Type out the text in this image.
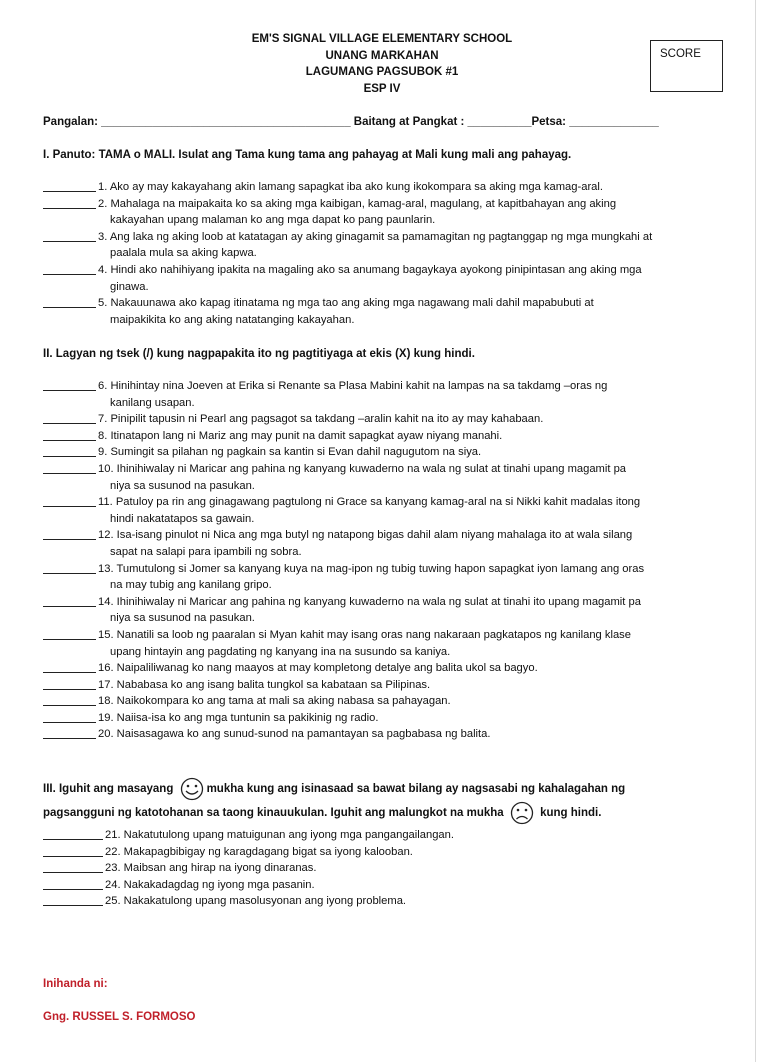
EM'S SIGNAL VILLAGE ELEMENTARY SCHOOL
UNANG MARKAHAN
LAGUMANG PAGSUBOK #1
ESP IV
SCORE
Pangalan: _______________________________________ Baitang at Pangkat : __________Petsa: ______________
I. Panuto: TAMA o MALI. Isulat ang Tama kung tama ang pahayag at Mali kung mali ang pahayag.
1. Ako ay may kakayahang akin lamang sapagkat iba ako kung ikokompara sa aking mga kamag-aral.
2. Mahalaga na maipakaita ko sa aking mga kaibigan, kamag-aral, magulang, at kapitbahayan ang aking
kakayahan upang malaman ko ang mga dapat ko pang paunlarin.
3. Ang laka ng aking loob at katatagan ay aking ginagamit sa pamamagitan ng pagtanggap ng mga mungkahi at
paalala mula sa aking kapwa.
4. Hindi ako nahihiyang ipakita na magaling ako sa anumang bagaykaya ayokong pinipintasan ang aking mga
ginawa.
5. Nakauunawa ako kapag itinatama ng mga tao ang aking mga nagawang mali dahil mapabubuti at
maipakikita ko ang aking natatanging kakayahan.
II. Lagyan ng tsek (/) kung nagpapakita ito ng pagtitiyaga at ekis (X) kung hindi.
6. Hinihintay nina Joeven at Erika si Renante sa Plasa Mabini kahit na lampas na sa takdamg –oras ng
kanilang usapan.
7. Pinipilit tapusin ni Pearl ang pagsagot sa takdang –aralin kahit na ito ay may kahabaan.
8. Itinatapon lang ni Mariz ang may punit na damit sapagkat ayaw niyang manahi.
9. Sumingit sa pilahan ng pagkain sa kantin si Evan dahil nagugutom na siya.
10. Ihinihiwalay ni Maricar ang pahina ng kanyang kuwaderno na wala ng sulat at tinahi upang magamit pa
niya sa susunod na pasukan.
11. Patuloy pa rin ang ginagawang pagtulong ni Grace sa kanyang kamag-aral na si Nikki kahit madalas itong
hindi nakatatapos sa gawain.
12. Isa-isang pinulot ni Nica ang mga butyl ng natapong bigas dahil alam niyang mahalaga ito at wala silang
sapat na salapi para ipambili ng sobra.
13. Tumutulong si Jomer sa kanyang kuya na mag-ipon ng tubig tuwing hapon sapagkat iyon lamang ang oras
na may tubig ang kanilang gripo.
14. Ihinihiwalay ni Maricar ang pahina ng kanyang kuwaderno na wala ng sulat at tinahi ito upang magamit pa
niya sa susunod na pasukan.
15. Nanatili sa loob ng paaralan si Myan kahit may isang oras nang nakaraan pagkatapos ng kanilang klase
upang hintayin ang pagdating ng kanyang ina na susundo sa kaniya.
16. Naipaliliwanag ko nang maayos at may kompletong detalye ang balita ukol sa bagyo.
17. Nababasa ko ang isang balita tungkol sa kabataan sa Pilipinas.
18. Naikokompara ko ang tama at mali sa aking nabasa sa pahayagan.
19. Naiisa-isa ko ang mga tuntunin sa pakikinig ng radio.
20. Naisasagawa ko ang sunud-sunod na pamantayan sa pagbabasa ng balita.
III. Iguhit ang masayang	mukha kung ang isinasaad sa bawat bilang ay nagsasabi ng kahalagahan ng
pagsangguni ng katotohanan sa taong kinauukulan. Iguhit ang malungkot na mukha	kung hindi.
21. Nakatutulong upang matuigunan ang iyong mga pangangailangan.
22. Makapagbibigay ng karagdagang bigat sa iyong kalooban.
23. Maibsan ang hirap na iyong dinaranas.
24. Nakakadagdag ng iyong mga pasanin.
25. Nakakatulong upang masolusyonan ang iyong problema.
Inihanda ni:
Gng. RUSSEL S. FORMOSO
